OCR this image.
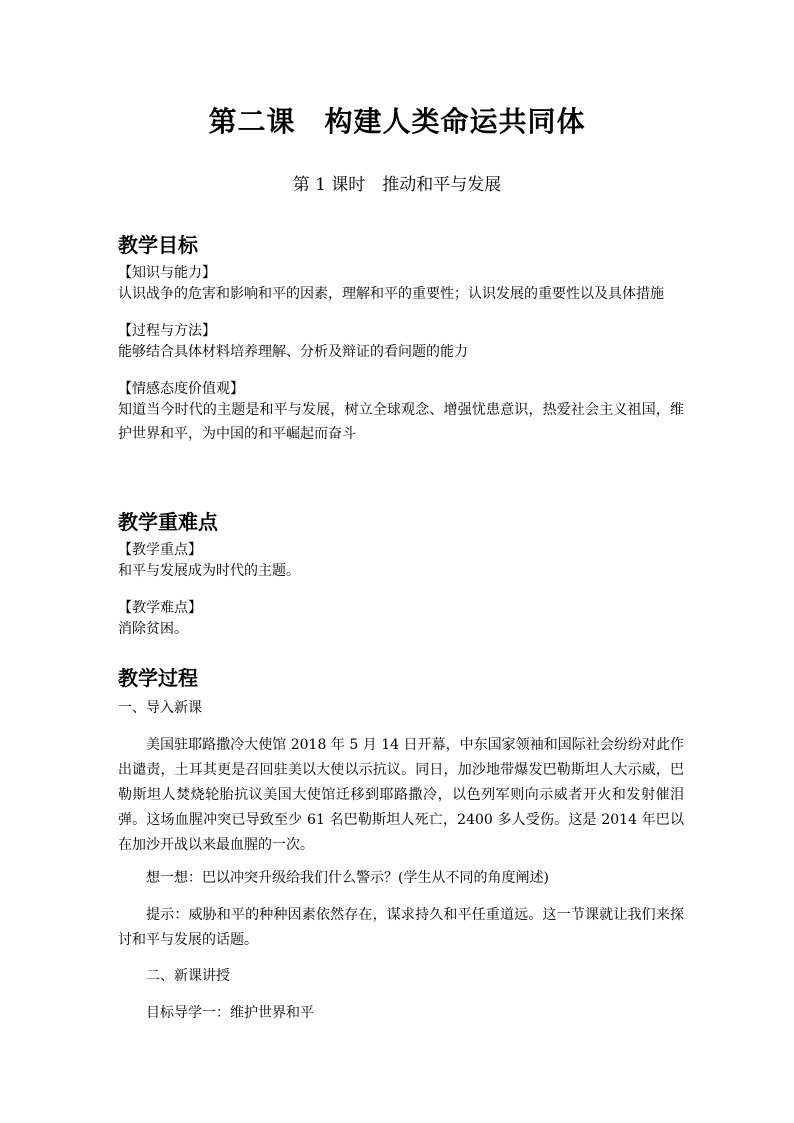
第二课　构建人类命运共同体
第 1 课时　推动和平与发展
教学目标
【知识与能力】
认识战争的危害和影响和平的因素，理解和平的重要性；认识发展的重要性以及具体措施
【过程与方法】
能够结合具体材料培养理解、分析及辩证的看问题的能力
【情感态度价值观】
知道当今时代的主题是和平与发展，树立全球观念、增强忧患意识，热爱社会主义祖国，维护世界和平，为中国的和平崛起而奋斗
教学重难点
【教学重点】
和平与发展成为时代的主题。
【教学难点】
消除贫困。
教学过程
一、导入新课
美国驻耶路撒冷大使馆 2018 年 5 月 14 日开幕，中东国家领袖和国际社会纷纷对此作出谴责，土耳其更是召回驻美以大使以示抗议。同日，加沙地带爆发巴勒斯坦人大示威，巴勒斯坦人焚烧轮胎抗议美国大使馆迁移到耶路撒冷，以色列军则向示威者开火和发射催泪弹。这场血腥冲突已导致至少 61 名巴勒斯坦人死亡，2400 多人受伤。这是 2014 年巴以在加沙开战以来最血腥的一次。
想一想：巴以冲突升级给我们什么警示？(学生从不同的角度阐述)
提示：威胁和平的种种因素依然存在，谋求持久和平任重道远。这一节课就让我们来探讨和平与发展的话题。
二、新课讲授
目标导学一：维护世界和平
